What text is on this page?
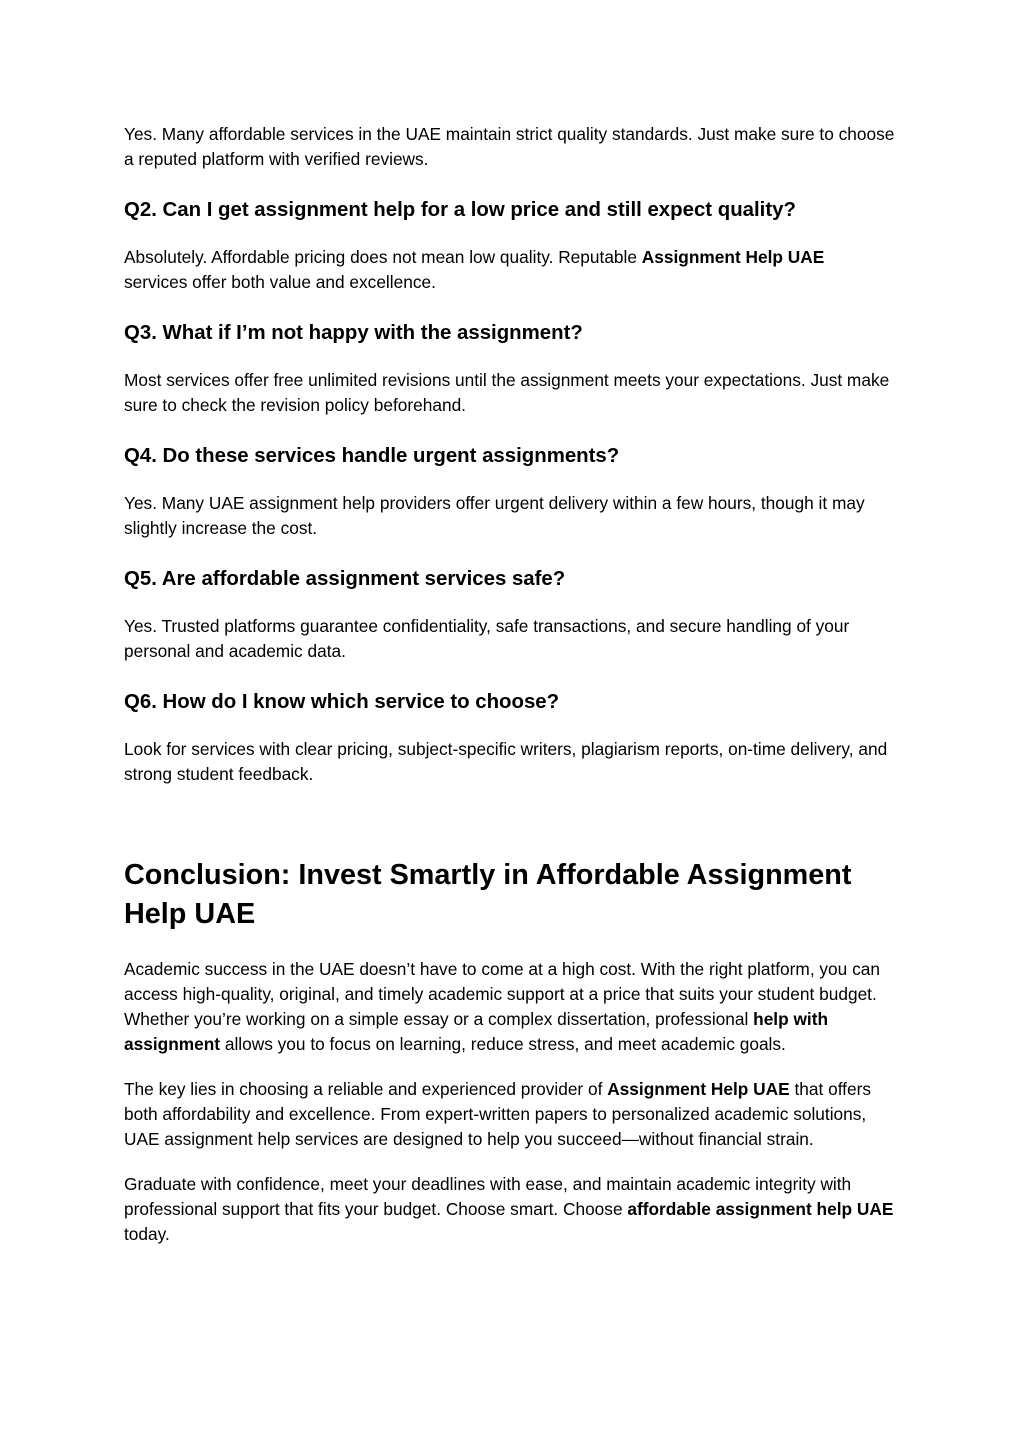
Yes. Many affordable services in the UAE maintain strict quality standards. Just make sure to choose a reputed platform with verified reviews.

Q2. Can I get assignment help for a low price and still expect quality?

Absolutely. Affordable pricing does not mean low quality. Reputable Assignment Help UAE
services offer both value and excellence.

Q3. What if I’m not happy with the assignment?

Most services offer free unlimited revisions until the assignment meets your expectations. Just make sure to check the revision policy beforehand.

Q4. Do these services handle urgent assignments?

Yes. Many UAE assignment help providers offer urgent delivery within a few hours, though it may slightly increase the cost.

Q5. Are affordable assignment services safe?

Yes. Trusted platforms guarantee confidentiality, safe transactions, and secure handling of your personal and academic data.

Q6. How do I know which service to choose?

Look for services with clear pricing, subject-specific writers, plagiarism reports, on-time delivery, and strong student feedback.

Conclusion: Invest Smartly in Affordable Assignment
Help UAE

Academic success in the UAE doesn’t have to come at a high cost. With the right platform, you can access high-quality, original, and timely academic support at a price that suits your student budget. Whether you’re working on a simple essay or a complex dissertation, professional help with assignment allows you to focus on learning, reduce stress, and meet academic goals.

The key lies in choosing a reliable and experienced provider of Assignment Help UAE that offers both affordability and excellence. From expert-written papers to personalized academic solutions, UAE assignment help services are designed to help you succeed—without financial strain.

Graduate with confidence, meet your deadlines with ease, and maintain academic integrity with professional support that fits your budget. Choose smart. Choose affordable assignment help UAE today.
